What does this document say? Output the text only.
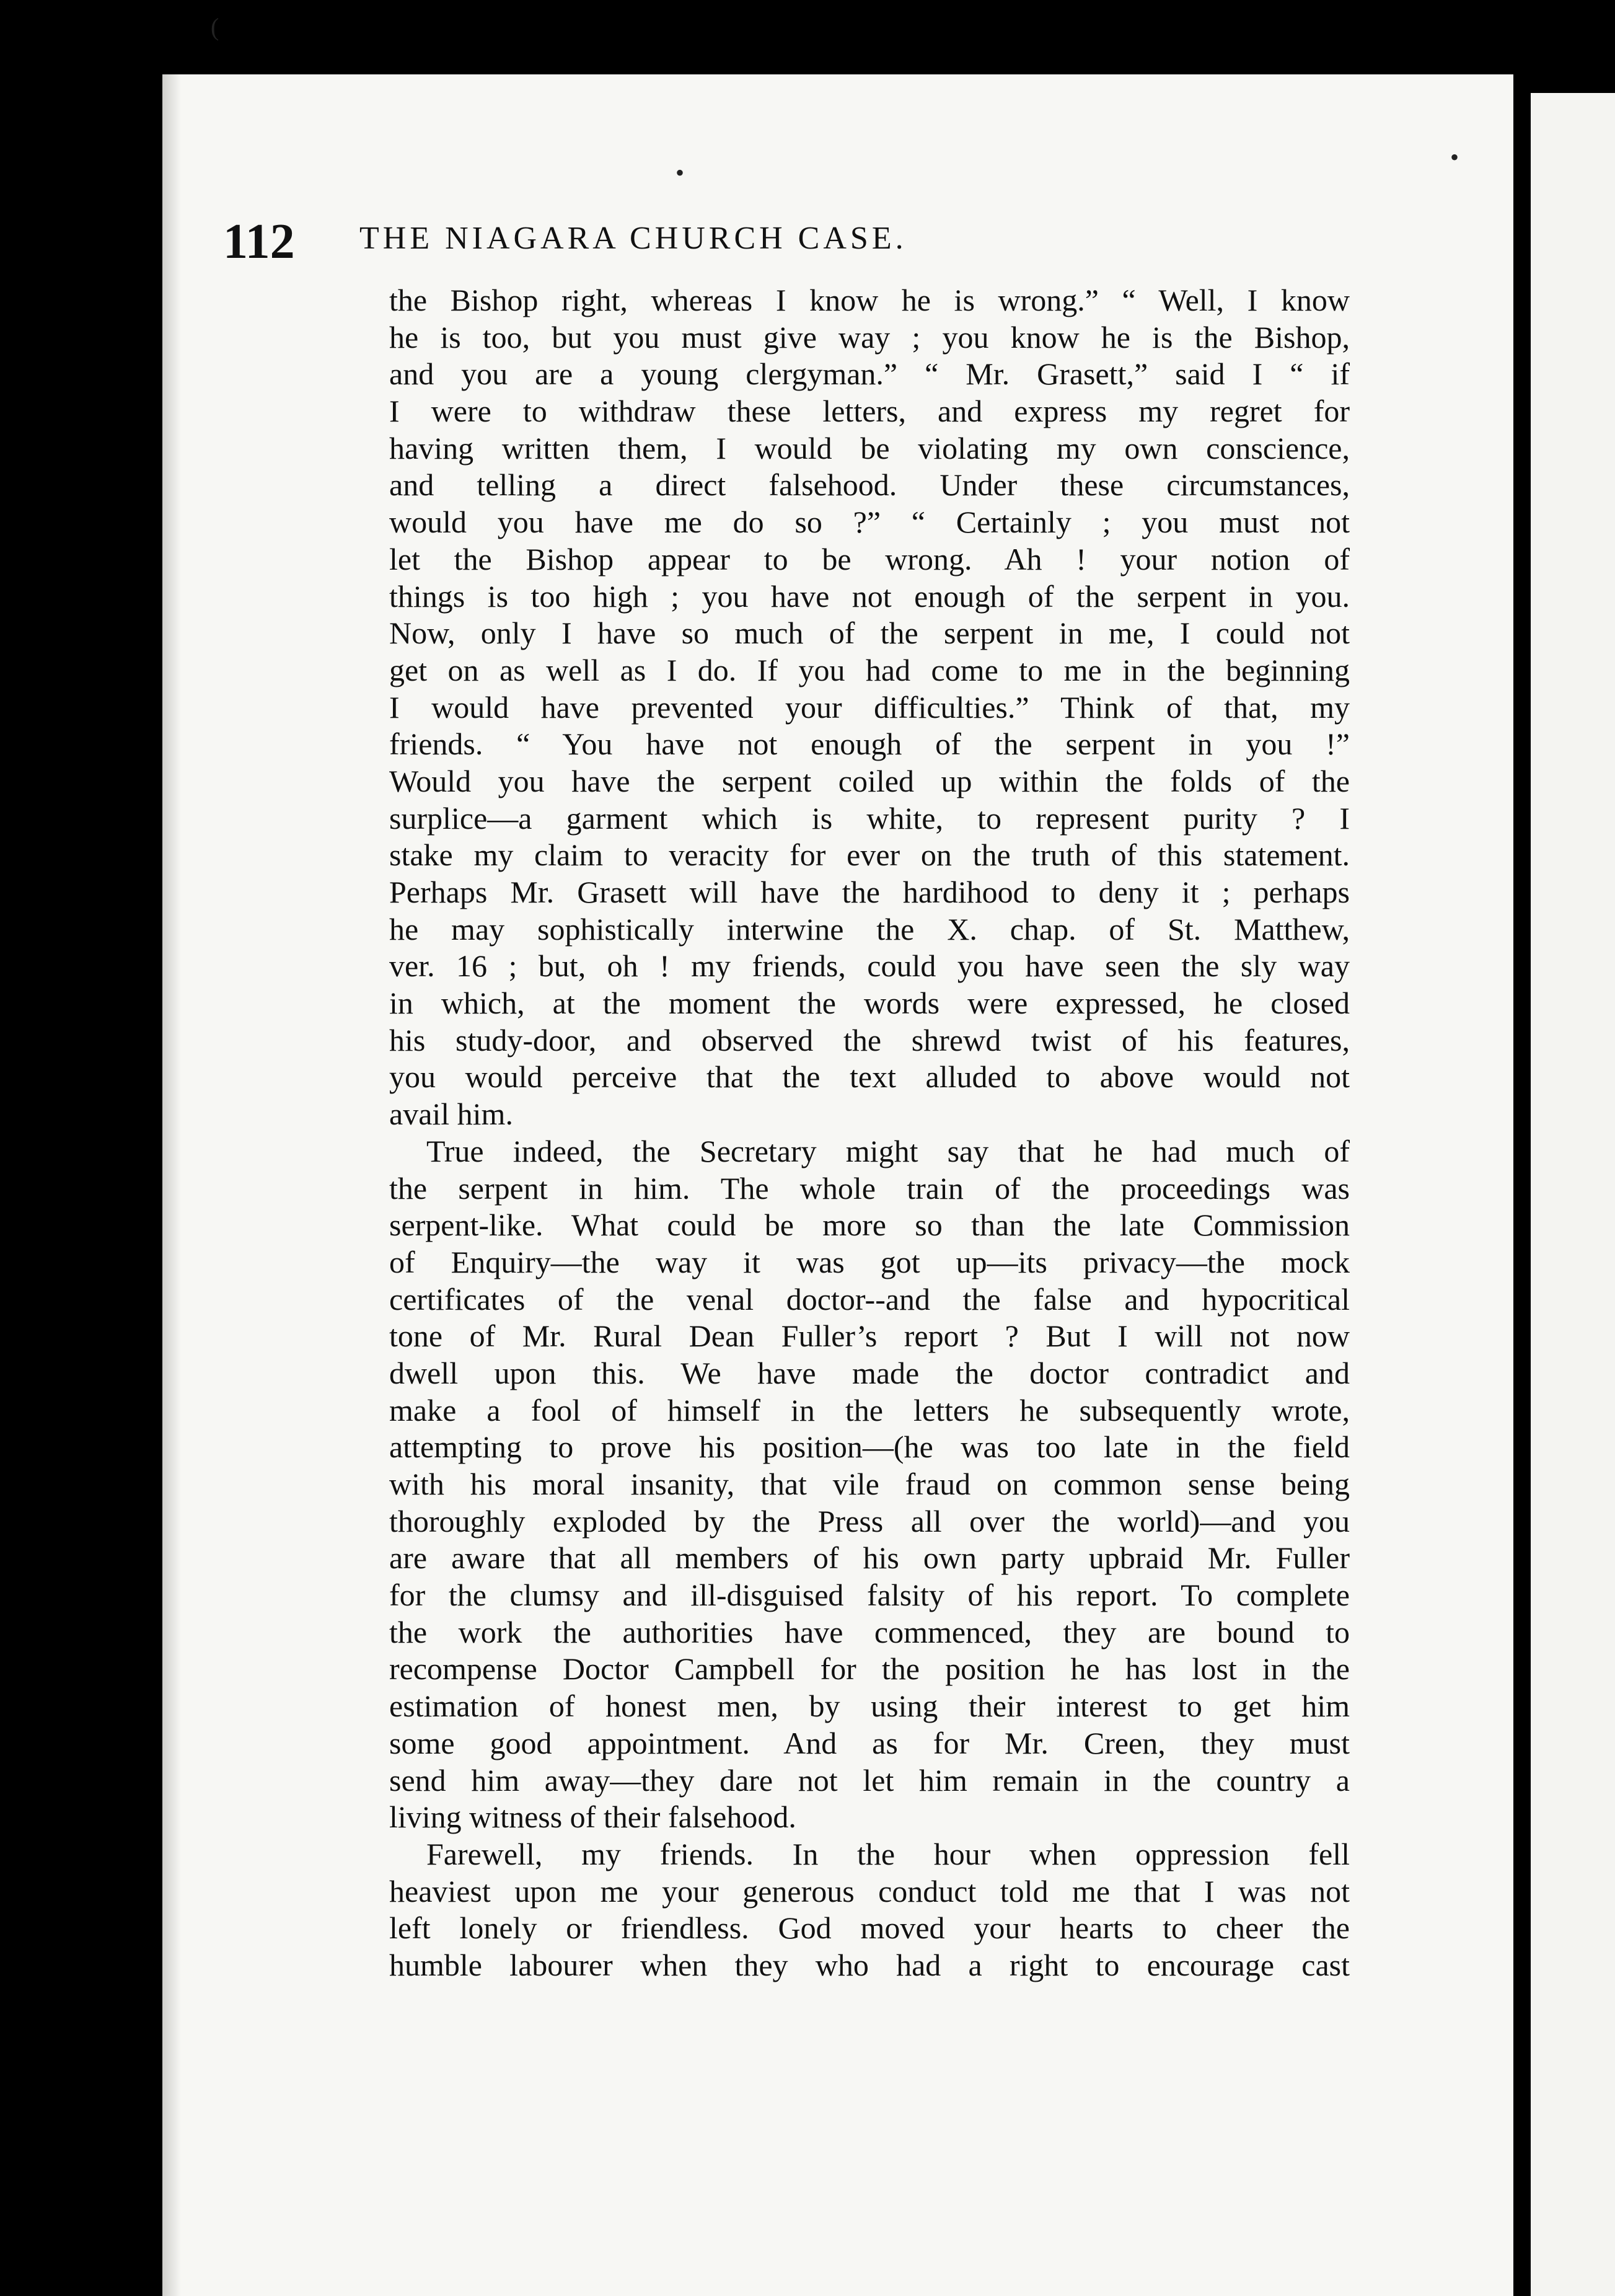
(
•
•
112 THE NIAGARA CHURCH CASE.
the Bishop right, whereas I know he is wrong.” “ Well, I know
he is too, but you must give way ; you know he is the Bishop,
and you are a young clergyman.” “ Mr. Grasett,” said I “ if
I were to withdraw these letters, and express my regret for
having written them, I would be violating my own conscience,
and telling a direct falsehood. Under these circumstances,
would you have me do so ?” “ Certainly ; you must not
let the Bishop appear to be wrong. Ah ! your notion of
things is too high ; you have not enough of the serpent in you.
Now, only I have so much of the serpent in me, I could not
get on as well as I do. If you had come to me in the beginning
I would have prevented your difficulties.” Think of that, my
friends. “ You have not enough of the serpent in you !”
Would you have the serpent coiled up within the folds of the
surplice—a garment which is white, to represent purity ? I
stake my claim to veracity for ever on the truth of this statement.
Perhaps Mr. Grasett will have the hardihood to deny it ; perhaps
he may sophistically interwine the X. chap. of St. Matthew,
ver. 16 ; but, oh ! my friends, could you have seen the sly way
in which, at the moment the words were expressed, he closed
his study-door, and observed the shrewd twist of his features,
you would perceive that the text alluded to above would not
avail him.
True indeed, the Secretary might say that he had much of
the serpent in him. The whole train of the proceedings was
serpent-like. What could be more so than the late Commission
of Enquiry—the way it was got up—its privacy—the mock
certificates of the venal doctor--and the false and hypocritical
tone of Mr. Rural Dean Fuller’s report ? But I will not now
dwell upon this. We have made the doctor contradict and
make a fool of himself in the letters he subsequently wrote,
attempting to prove his position—(he was too late in the field
with his moral insanity, that vile fraud on common sense being
thoroughly exploded by the Press all over the world)—and you
are aware that all members of his own party upbraid Mr. Fuller
for the clumsy and ill-disguised falsity of his report. To complete
the work the authorities have commenced, they are bound to
recompense Doctor Campbell for the position he has lost in the
estimation of honest men, by using their interest to get him
some good appointment. And as for Mr. Creen, they must
send him away—they dare not let him remain in the country a
living witness of their falsehood.
Farewell, my friends. In the hour when oppression fell
heaviest upon me your generous conduct told me that I was not
left lonely or friendless. God moved your hearts to cheer the
humble labourer when they who had a right to encourage cast
